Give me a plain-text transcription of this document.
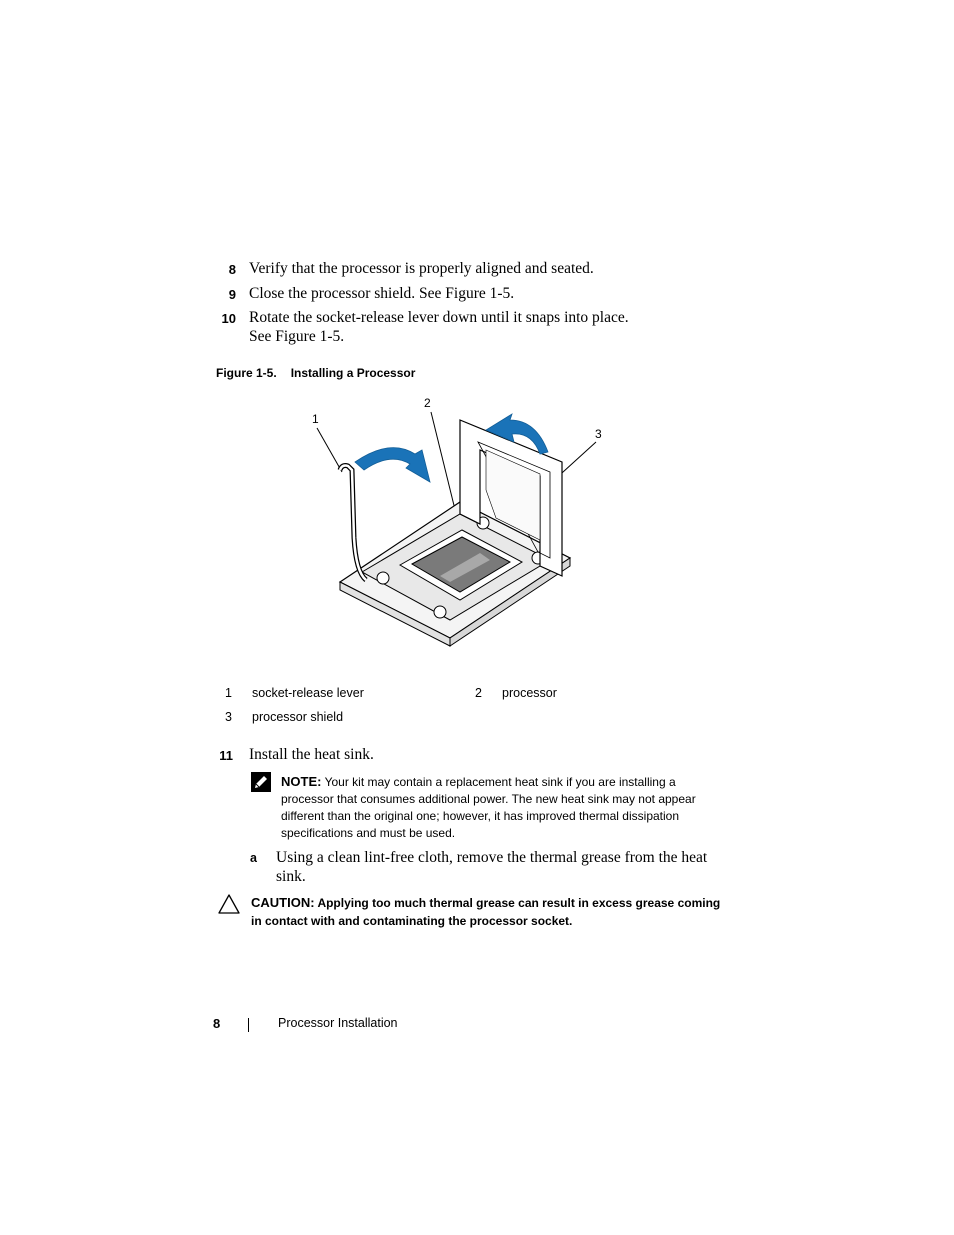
8 Verify that the processor is properly aligned and seated.
9 Close the processor shield. See Figure 1-5.
10 Rotate the socket-release lever down until it snaps into place.
See Figure 1-5.
Figure 1-5. Installing a Processor
1
2
3
1 socket-release lever	2 processor
3 processor shield
11 Install the heat sink.
NOTE: Your kit may contain a replacement heat sink if you are installing a processor that consumes additional power. The new heat sink may not appear different than the original one; however, it has improved thermal dissipation specifications and must be used.
a Using a clean lint-free cloth, remove the thermal grease from the heat
sink.
CAUTION: Applying too much thermal grease can result in excess grease coming in contact with and contaminating the processor socket.
8	Processor Installation
